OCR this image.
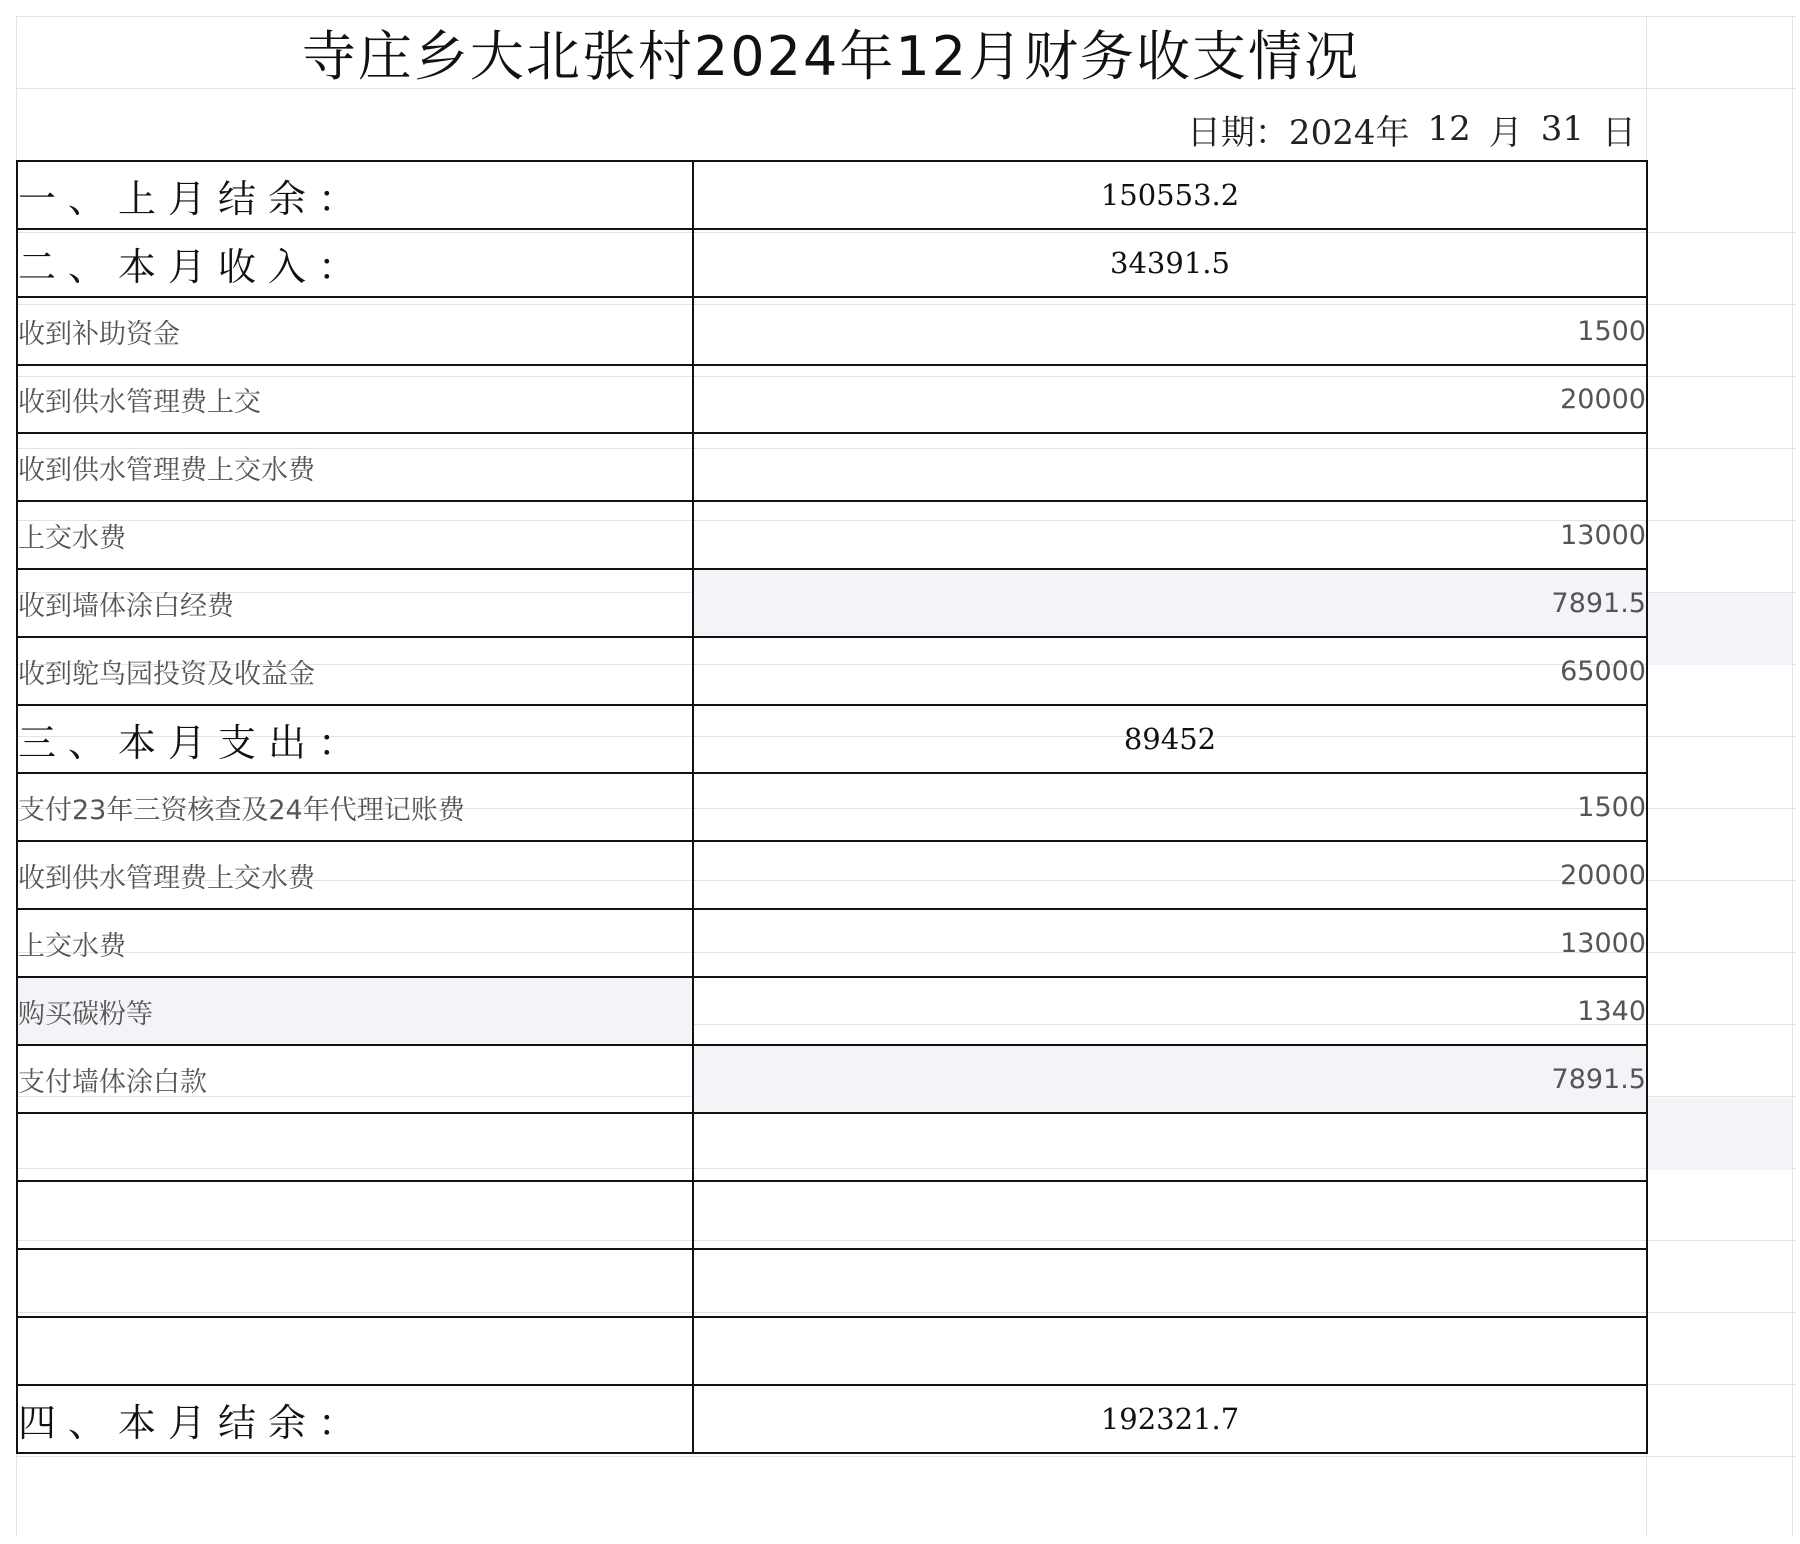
寺庄乡大北张村2024年12月财务收支情况
日期：2024年 12 月 31 日
一、上月结余：	150553.2
二、本月收入：	34391.5
收到补助资金	1500
收到供水管理费上交	20000
收到供水管理费上交水费	
上交水费	13000
收到墙体涂白经费	7891.5
收到鸵鸟园投资及收益金	65000
三、本月支出：	89452
支付23年三资核查及24年代理记账费	1500
收到供水管理费上交水费	20000
上交水费	13000
购买碳粉等	1340
支付墙体涂白款	7891.5

四、本月结余：	192321.7
